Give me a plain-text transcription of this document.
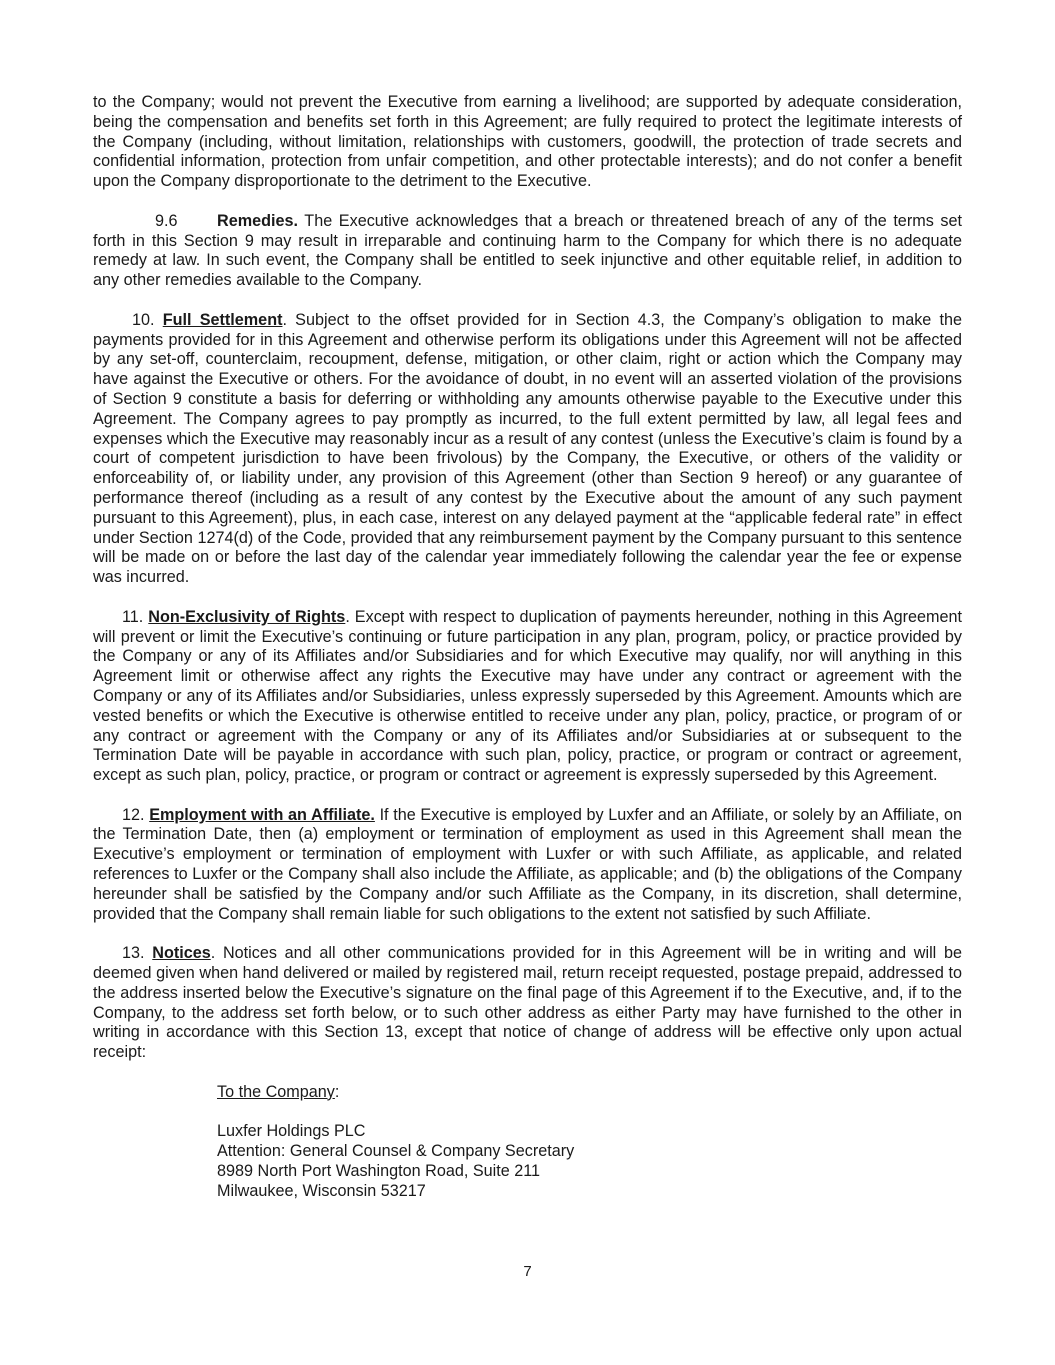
to the Company; would not prevent the Executive from earning a livelihood; are supported by adequate consideration, being the compensation and benefits set forth in this Agreement; are fully required to protect the legitimate interests of the Company (including, without limitation, relationships with customers, goodwill, the protection of trade secrets and confidential information, protection from unfair competition, and other protectable interests); and do not confer a benefit upon the Company disproportionate to the detriment to the Executive.

9.6 Remedies. The Executive acknowledges that a breach or threatened breach of any of the terms set forth in this Section 9 may result in irreparable and continuing harm to the Company for which there is no adequate remedy at law. In such event, the Company shall be entitled to seek injunctive and other equitable relief, in addition to any other remedies available to the Company.

10. Full Settlement. Subject to the offset provided for in Section 4.3, the Company’s obligation to make the payments provided for in this Agreement and otherwise perform its obligations under this Agreement will not be affected by any set-off, counterclaim, recoupment, defense, mitigation, or other claim, right or action which the Company may have against the Executive or others. For the avoidance of doubt, in no event will an asserted violation of the provisions of Section 9 constitute a basis for deferring or withholding any amounts otherwise payable to the Executive under this Agreement. The Company agrees to pay promptly as incurred, to the full extent permitted by law, all legal fees and expenses which the Executive may reasonably incur as a result of any contest (unless the Executive’s claim is found by a court of competent jurisdiction to have been frivolous) by the Company, the Executive, or others of the validity or enforceability of, or liability under, any provision of this Agreement (other than Section 9 hereof) or any guarantee of performance thereof (including as a result of any contest by the Executive about the amount of any such payment pursuant to this Agreement), plus, in each case, interest on any delayed payment at the “applicable federal rate” in effect under Section 1274(d) of the Code, provided that any reimbursement payment by the Company pursuant to this sentence will be made on or before the last day of the calendar year immediately following the calendar year the fee or expense was incurred.

11. Non-Exclusivity of Rights. Except with respect to duplication of payments hereunder, nothing in this Agreement will prevent or limit the Executive’s continuing or future participation in any plan, program, policy, or practice provided by the Company or any of its Affiliates and/or Subsidiaries and for which Executive may qualify, nor will anything in this Agreement limit or otherwise affect any rights the Executive may have under any contract or agreement with the Company or any of its Affiliates and/or Subsidiaries, unless expressly superseded by this Agreement. Amounts which are vested benefits or which the Executive is otherwise entitled to receive under any plan, policy, practice, or program of or any contract or agreement with the Company or any of its Affiliates and/or Subsidiaries at or subsequent to the Termination Date will be payable in accordance with such plan, policy, practice, or program or contract or agreement, except as such plan, policy, practice, or program or contract or agreement is expressly superseded by this Agreement.

12. Employment with an Affiliate. If the Executive is employed by Luxfer and an Affiliate, or solely by an Affiliate, on the Termination Date, then (a) employment or termination of employment as used in this Agreement shall mean the Executive’s employment or termination of employment with Luxfer or with such Affiliate, as applicable, and related references to Luxfer or the Company shall also include the Affiliate, as applicable; and (b) the obligations of the Company hereunder shall be satisfied by the Company and/or such Affiliate as the Company, in its discretion, shall determine, provided that the Company shall remain liable for such obligations to the extent not satisfied by such Affiliate.

13. Notices. Notices and all other communications provided for in this Agreement will be in writing and will be deemed given when hand delivered or mailed by registered mail, return receipt requested, postage prepaid, addressed to the address inserted below the Executive’s signature on the final page of this Agreement if to the Executive, and, if to the Company, to the address set forth below, or to such other address as either Party may have furnished to the other in writing in accordance with this Section 13, except that notice of change of address will be effective only upon actual receipt:

To the Company:

Luxfer Holdings PLC
Attention: General Counsel & Company Secretary
8989 North Port Washington Road, Suite 211
Milwaukee, Wisconsin 53217
7
